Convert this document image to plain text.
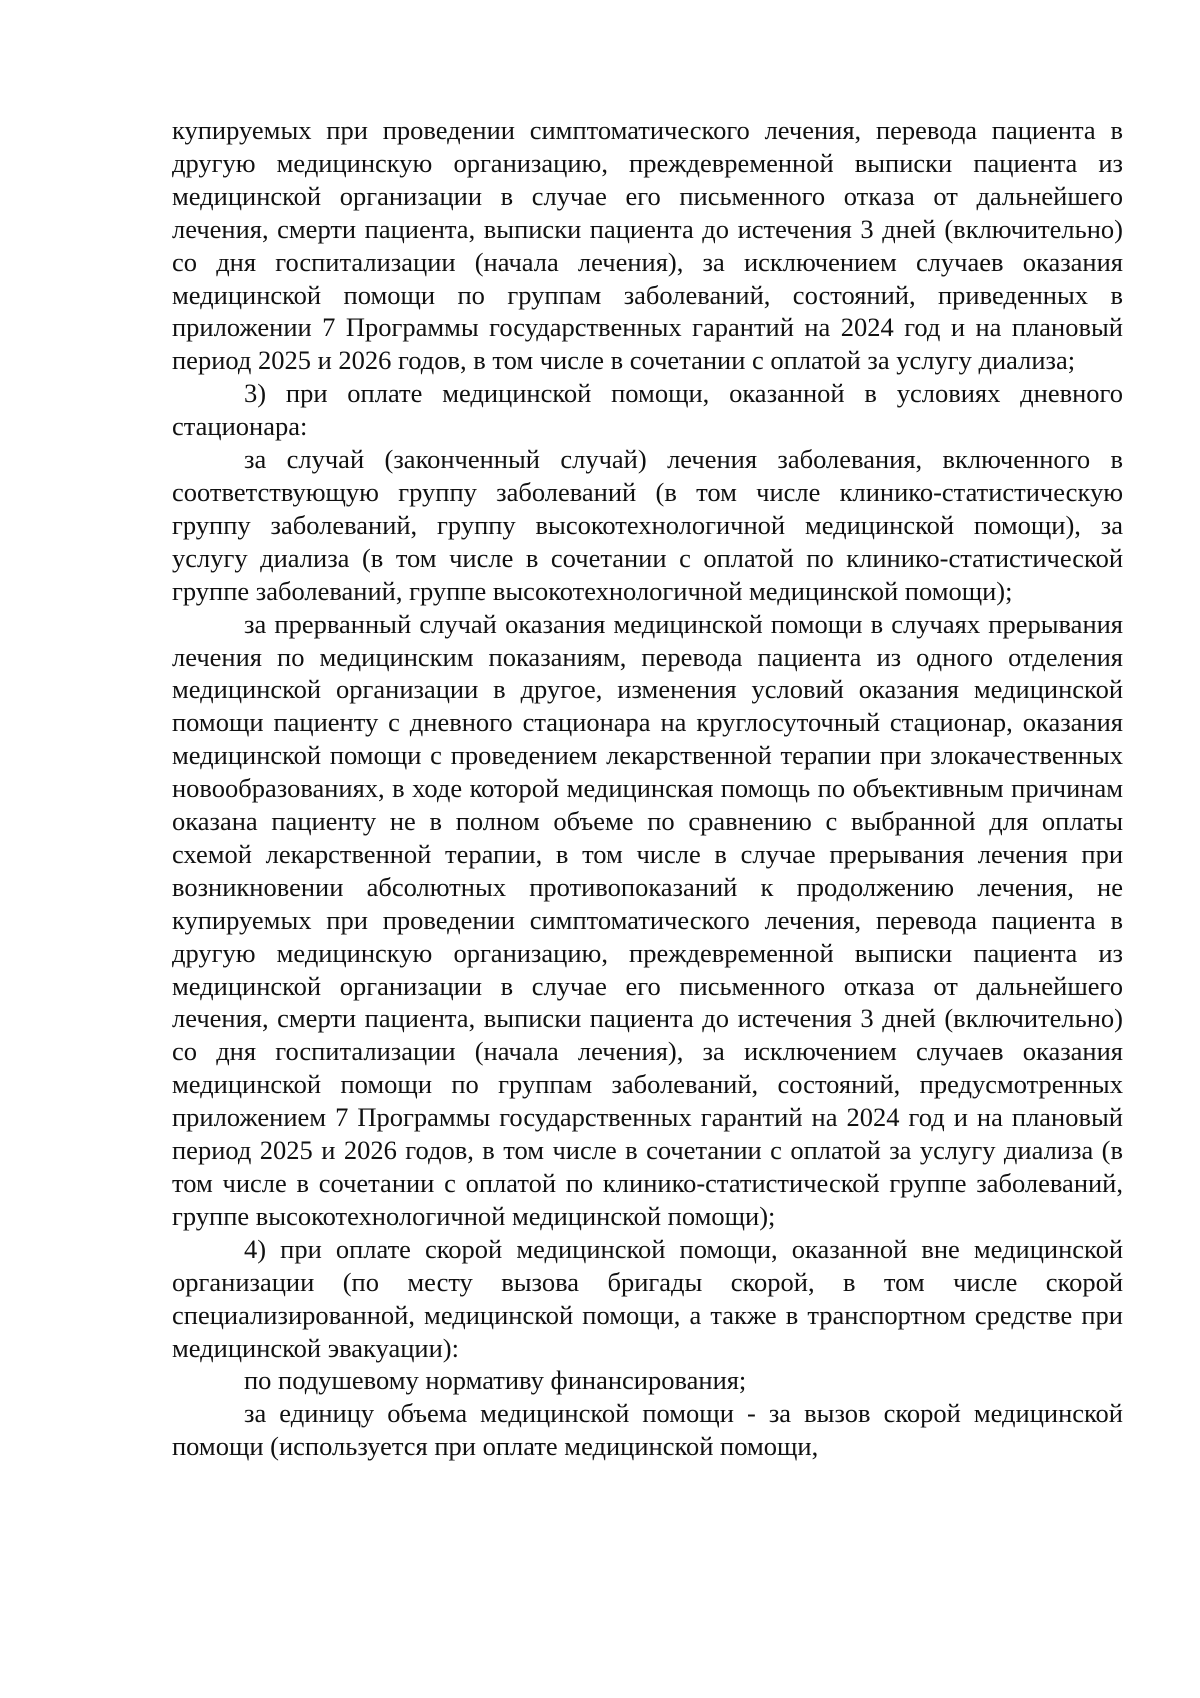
купируемых при проведении симптоматического лечения, перевода пациента в другую медицинскую организацию, преждевременной выписки пациента из медицинской организации в случае его письменного отказа от дальнейшего лечения, смерти пациента, выписки пациента до истечения 3 дней (включительно) со дня госпитализации (начала лечения), за исключением случаев оказания медицинской помощи по группам заболеваний, состояний, приведенных в приложении 7 Программы государственных гарантий на 2024 год и на плановый период 2025 и 2026 годов, в том числе в сочетании с оплатой за услугу диализа;

3) при оплате медицинской помощи, оказанной в условиях дневного стационара:

за случай (законченный случай) лечения заболевания, включенного в соответствующую группу заболеваний (в том числе клинико-статистическую группу заболеваний, группу высокотехнологичной медицинской помощи), за услугу диализа (в том числе в сочетании с оплатой по клинико-статистической группе заболеваний, группе высокотехнологичной медицинской помощи);

за прерванный случай оказания медицинской помощи в случаях прерывания лечения по медицинским показаниям, перевода пациента из одного отделения медицинской организации в другое, изменения условий оказания медицинской помощи пациенту с дневного стационара на круглосуточный стационар, оказания медицинской помощи с проведением лекарственной терапии при злокачественных новообразованиях, в ходе которой медицинская помощь по объективным причинам оказана пациенту не в полном объеме по сравнению с выбранной для оплаты схемой лекарственной терапии, в том числе в случае прерывания лечения при возникновении абсолютных противопоказаний к продолжению лечения, не купируемых при проведении симптоматического лечения, перевода пациента в другую медицинскую организацию, преждевременной выписки пациента из медицинской организации в случае его письменного отказа от дальнейшего лечения, смерти пациента, выписки пациента до истечения 3 дней (включительно) со дня госпитализации (начала лечения), за исключением случаев оказания медицинской помощи по группам заболеваний, состояний, предусмотренных приложением 7 Программы государственных гарантий на 2024 год и на плановый период 2025 и 2026 годов, в том числе в сочетании с оплатой за услугу диализа (в том числе в сочетании с оплатой по клинико-статистической группе заболеваний, группе высокотехнологичной медицинской помощи);

4) при оплате скорой медицинской помощи, оказанной вне медицинской организации (по месту вызова бригады скорой, в том числе скорой специализированной, медицинской помощи, а также в транспортном средстве при медицинской эвакуации):

по подушевому нормативу финансирования;

за единицу объема медицинской помощи - за вызов скорой медицинской помощи (используется при оплате медицинской помощи,
